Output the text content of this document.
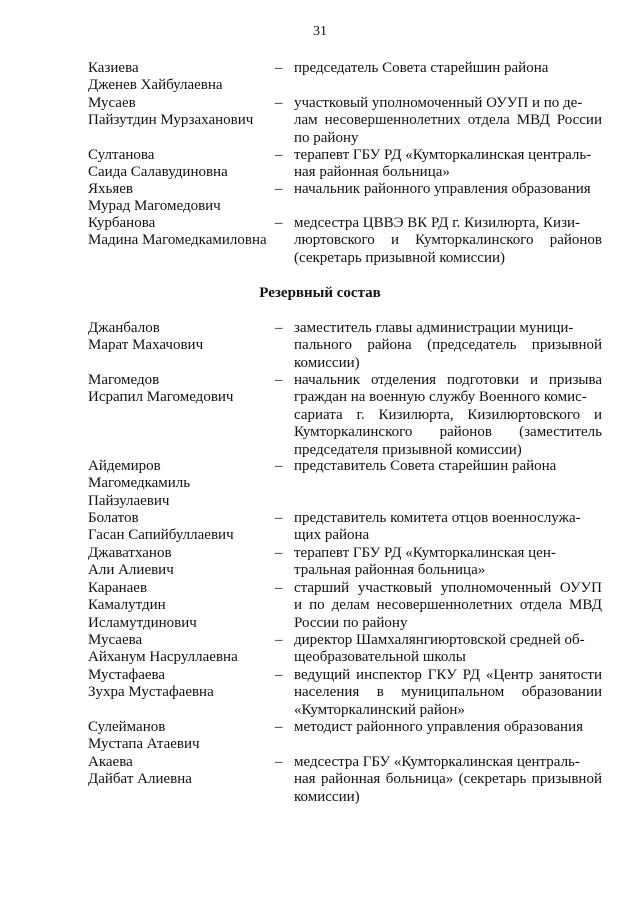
31
Казиева
Дженев Хайбулаевна
– председатель Совета старейшин района
Мусаев
Пайзутдин Мурзаханович
– участковый уполномоченный ОУУП и по де-
лам несовершеннолетних отдела МВД России
по району
Султанова
Саида Салавудиновна
– терапевт ГБУ РД «Кумторкалинская централь-
ная районная больница»
Яхьяев
Мурад Магомедович
– начальник районного управления образования
Курбанова
Мадина Магомедкамиловна
– медсестра ЦВВЭ ВК РД г. Кизилюрта, Кизи-
люртовского и Кумторкалинского районов
(секретарь призывной комиссии)
Резервный состав
Джанбалов
Марат Махачович
– заместитель главы администрации муници-
пального района (председатель призывной
комиссии)
Магомедов
Исрапил Магомедович
– начальник отделения подготовки и призыва
граждан на военную службу Военного комис-
сариата г. Кизилюрта, Кизилюртовского и
Кумторкалинского районов (заместитель
председателя призывной комиссии)
Айдемиров
Магомедкамиль
Пайзулаевич
– представитель Совета старейшин района
Болатов
Гасан Сапийбуллаевич
– представитель комитета отцов военнослужа-
щих района
Джаватханов
Али Алиевич
– терапевт ГБУ РД «Кумторкалинская цен-
тральная районная больница»
Каранаев
Камалутдин
Исламутдинович
– старший участковый уполномоченный ОУУП
и по делам несовершеннолетних отдела МВД
России по району
Мусаева
Айханум Насруллаевна
– директор Шамхалянгиюртовской средней об-
щеобразовательной школы
Мустафаева
Зухра Мустафаевна
– ведущий инспектор ГКУ РД «Центр занятости
населения в муниципальном образовании
«Кумторкалинский район»
Сулейманов
Мустапа Атаевич
– методист районного управления образования
Акаева
Дайбат Алиевна
– медсестра ГБУ «Кумторкалинская централь-
ная районная больница» (секретарь призывной
комиссии)
